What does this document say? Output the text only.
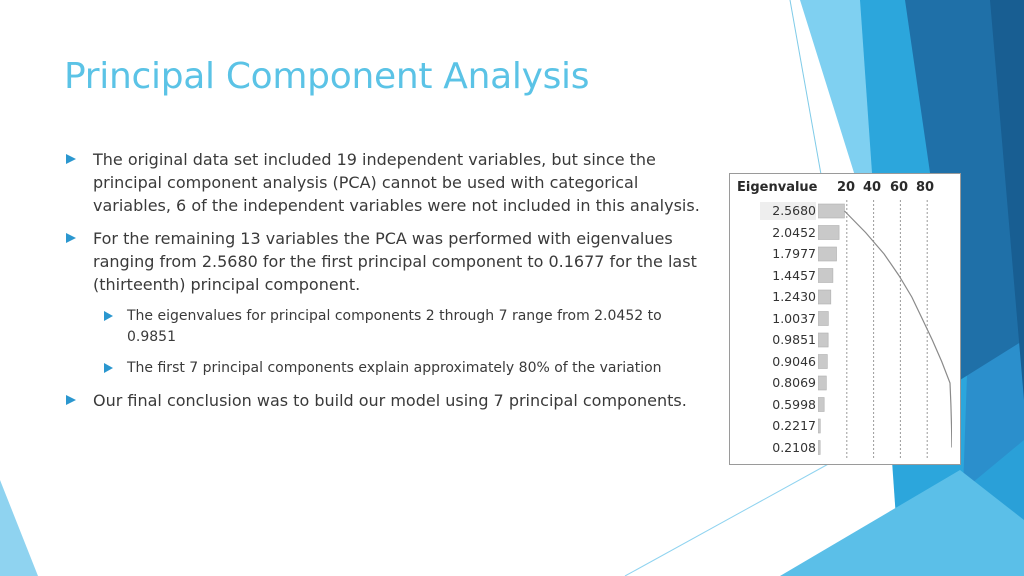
Principal Component Analysis
The original data set included 19 independent variables, but since the principal component analysis (PCA) cannot be used with categorical variables, 6 of the independent variables were not included in this analysis.
For the remaining 13 variables the PCA was performed with eigenvalues ranging from 2.5680 for the first principal component to 0.1677 for the last (thirteenth) principal component.
The eigenvalues for principal components 2 through 7 range from 2.0452 to 0.9851
The first 7 principal components explain approximately 80% of the variation
Our final conclusion was to build our model using 7 principal components.
Eigenvalue 20 40 60 80
2.5680
2.0452
1.7977
1.4457
1.2430
1.0037
0.9851
0.9046
0.8069
0.5998
0.2217
0.2108
